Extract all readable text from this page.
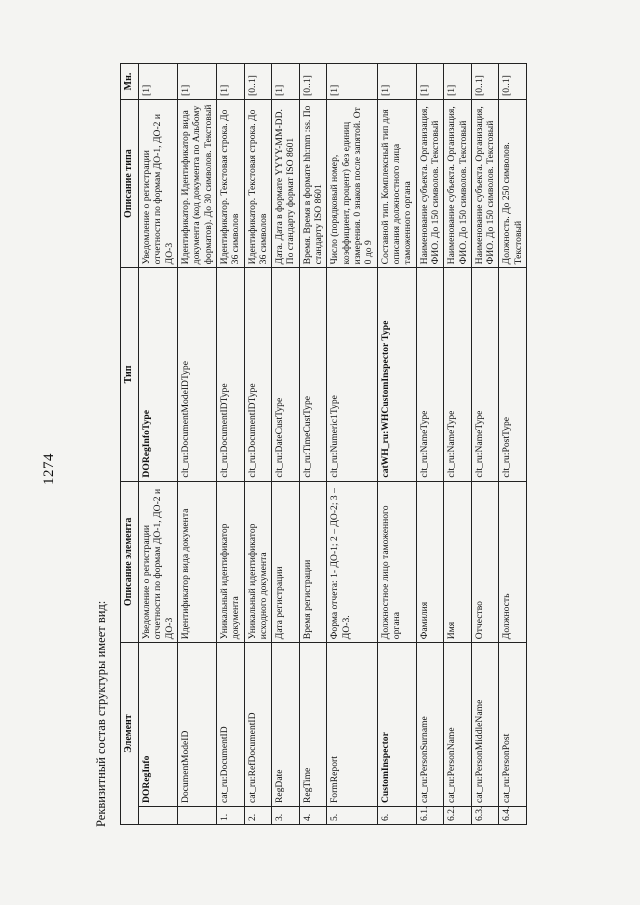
1274
Реквизитный состав структуры имеет вид: Элемент		Описание элемента	Тип	Описание типа	Мн.
	DORegInfo	Уведомление о регистрации отчетности по формам ДО-1, ДО-2 и ДО-3	DORegInfoType	Уведомление о регистрации отчетности по формам ДО-1, ДО-2 и ДО-3	[1]
	DocumentModeID	Идентификатор вида документа	clt_ru:DocumentModeIDType	Идентификатор. Идентификатор вида документа (код документа по Альбому форматов). До 30 символов. Текстовый	[1]
1.	cat_ru:DocumentID	Уникальный идентификатор документа	clt_ru:DocumentIDType	Идентификатор. Текстовая строка. До 36 символов	[1]
2.	cat_ru:RefDocumentID	Уникальный идентификатор исходного документа	clt_ru:DocumentIDType	Идентификатор. Текстовая строка. До 36 символов	[0..1]
3.	RegDate	Дата регистрации	clt_ru:DateCustType	Дата. Дата в формате YYYY-MM-DD. По стандарту формат ISO 8601	[1]
4.	RegTime	Время регистрации	clt_ru:TimeCustType	Время. Время в формате hh:mm :ss. По стандарту ISO 8601	[0..1]
5.	FormReport	Форма отчета: 1- ДО-1; 2 – ДО-2; 3 – ДО-3.	clt_ru:Numeric1Type	Число (порядковый номер, коэффициент, процент) без единиц измерения. 0 знаков после запятой. От 0 до 9	[1]
6.	CustomInspector	Должностное лицо таможенного органа	catWH_ru:WHCustomInspector Type	Составной тип. Комплексный тип для описания должностного лица таможенного органа	[1]
6.1.	cat_ru:PersonSurname	Фамилия	clt_ru:NameType	Наименование субъекта. Организация, ФИО. До 150 символов. Текстовый	[1]
6.2.	cat_ru:PersonName	Имя	clt_ru:NameType	Наименование субъекта. Организация, ФИО. До 150 символов. Текстовый	[1]
6.3.	cat_ru:PersonMiddleName	Отчество	clt_ru:NameType	Наименование субъекта. Организация, ФИО. До 150 символов. Текстовый	[0..1]
6.4.	cat_ru:PersonPost	Должность	clt_ru:PostType	Должность. До 250 символов. Текстовый	[0..1]
